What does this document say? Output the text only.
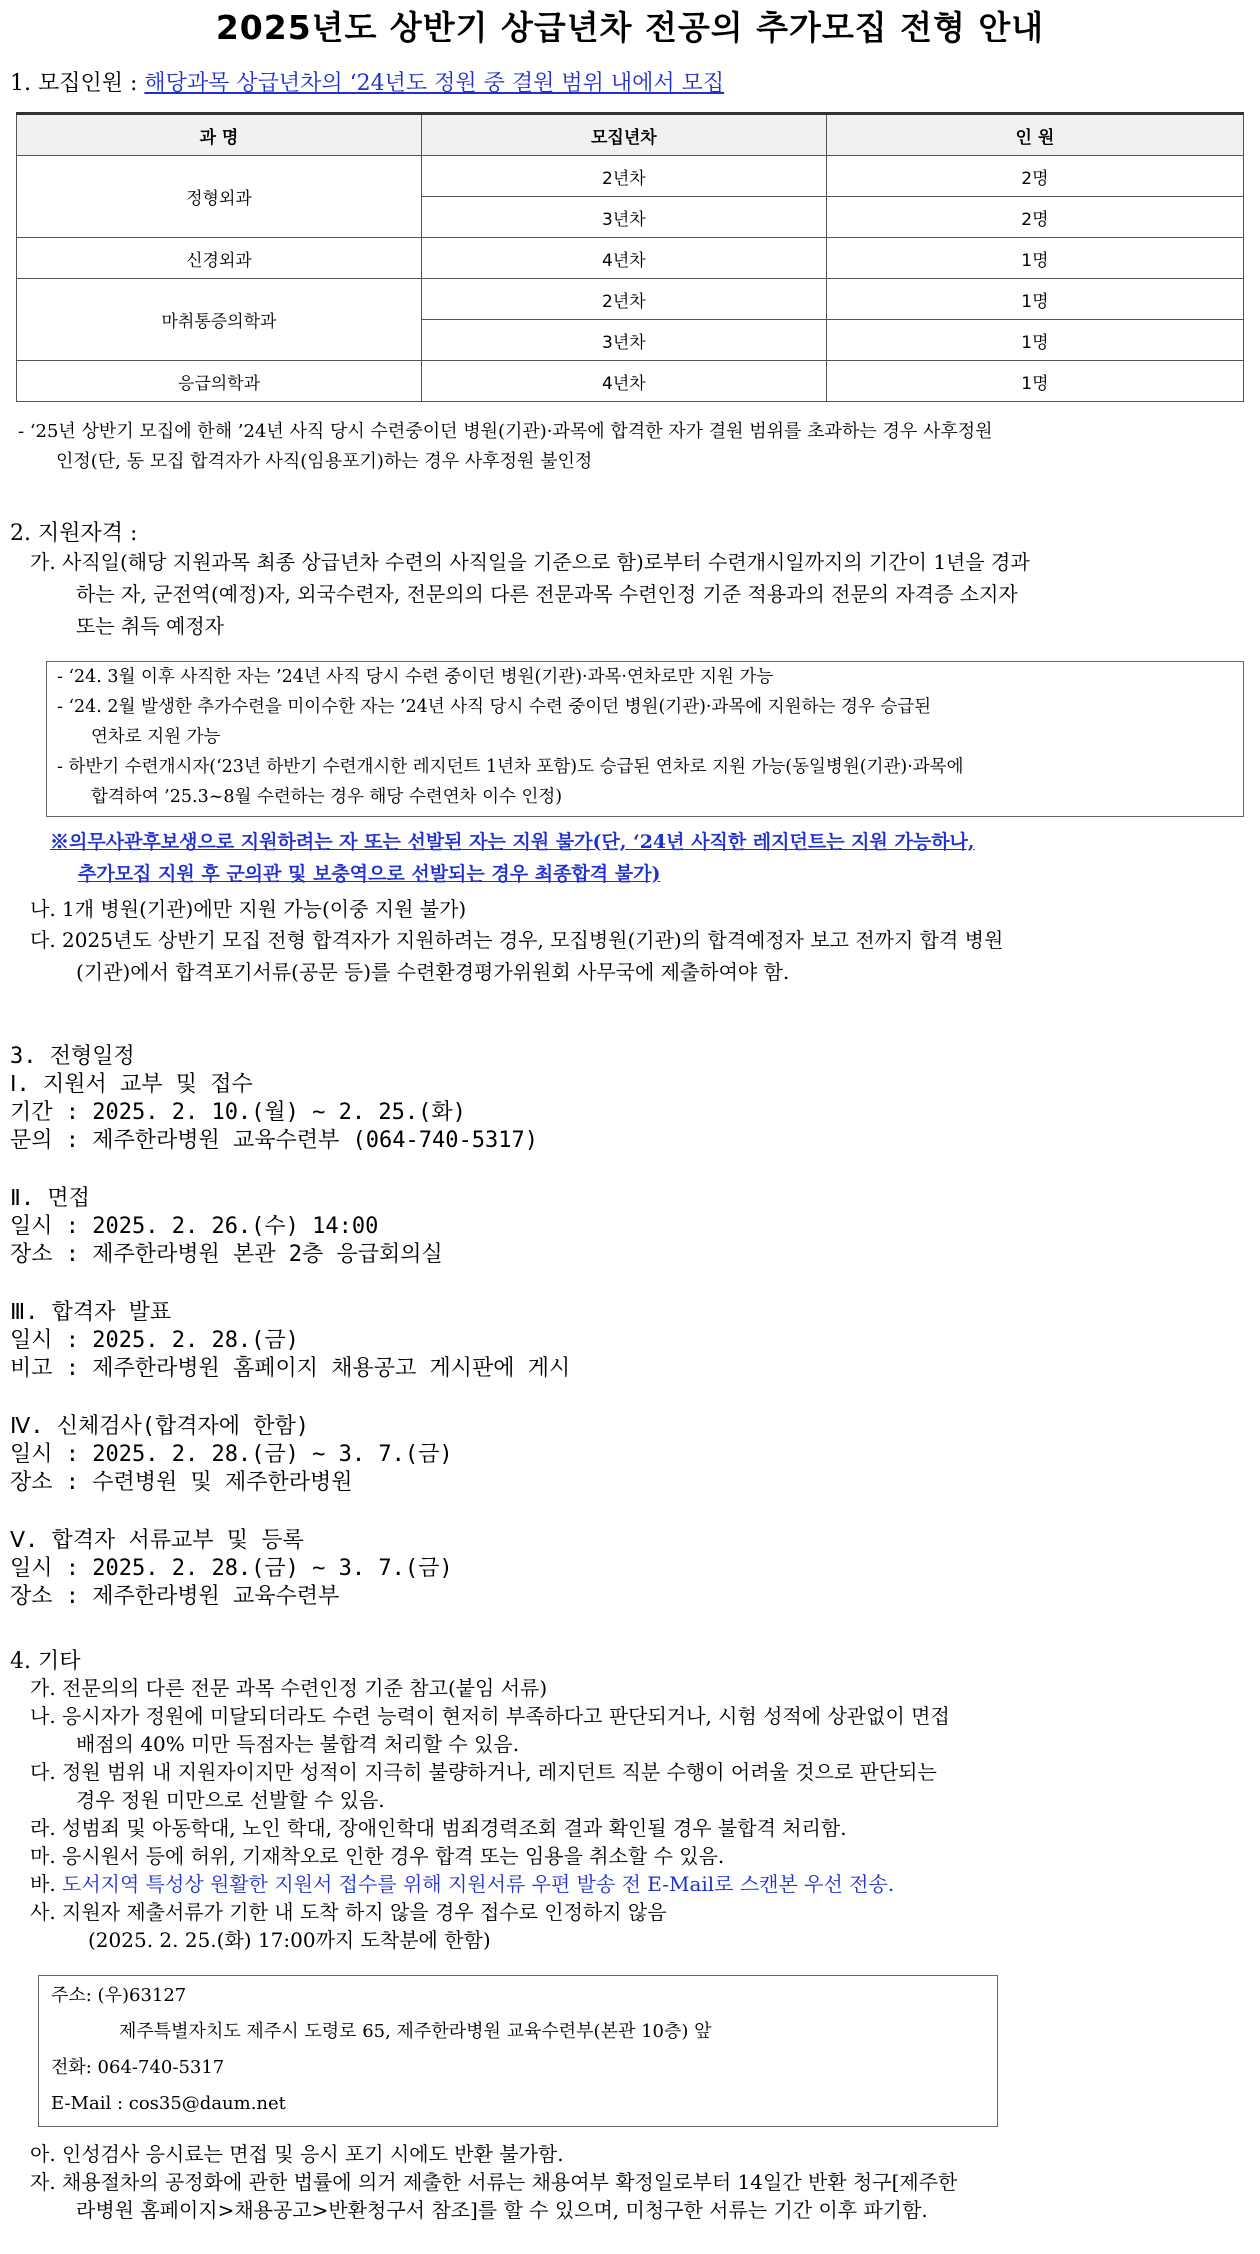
2025년도 상반기 상급년차 전공의 추가모집 전형 안내
1. 모집인원 : 해당과목 상급년차의 ‘24년도 정원 중 결원 범위 내에서 모집
과 명	모집년차	인 원
정형외과	2년차	2명
	3년차	2명
신경외과	4년차	1명
마취통증의학과	2년차	1명
	3년차	1명
응급의학과	4년차	1명
- ‘25년 상반기 모집에 한해 ’24년 사직 당시 수련중이던 병원(기관)·과목에 합격한 자가 결원 범위를 초과하는 경우 사후정원
인정(단, 동 모집 합격자가 사직(임용포기)하는 경우 사후정원 불인정
2. 지원자격 :
가. 사직일(해당 지원과목 최종 상급년차 수련의 사직일을 기준으로 함)로부터 수련개시일까지의 기간이 1년을 경과
하는 자, 군전역(예정)자, 외국수련자, 전문의의 다른 전문과목 수련인정 기준 적용과의 전문의 자격증 소지자
또는 취득 예정자
- ‘24. 3월 이후 사직한 자는 ’24년 사직 당시 수련 중이던 병원(기관)·과목·연차로만 지원 가능
- ‘24. 2월 발생한 추가수련을 미이수한 자는 ’24년 사직 당시 수련 중이던 병원(기관)·과목에 지원하는 경우 승급된
연차로 지원 가능
- 하반기 수련개시자(‘23년 하반기 수련개시한 레지던트 1년차 포함)도 승급된 연차로 지원 가능(동일병원(기관)·과목에
합격하여 ’25.3~8월 수련하는 경우 해당 수련연차 이수 인정)
※의무사관후보생으로 지원하려는 자 또는 선발된 자는 지원 불가(단, ‘24년 사직한 레지던트는 지원 가능하나,
추가모집 지원 후 군의관 및 보충역으로 선발되는 경우 최종합격 불가)
나. 1개 병원(기관)에만 지원 가능(이중 지원 불가)
다. 2025년도 상반기 모집 전형 합격자가 지원하려는 경우, 모집병원(기관)의 합격예정자 보고 전까지 합격 병원
(기관)에서 합격포기서류(공문 등)를 수련환경평가위원회 사무국에 제출하여야 함.
3. 전형일정
Ⅰ. 지원서 교부 및 접수
기간 : 2025. 2. 10.(월) ~ 2. 25.(화)
문의 : 제주한라병원 교육수련부 (064-740-5317)
Ⅱ. 면접
일시 : 2025. 2. 26.(수) 14:00
장소 : 제주한라병원 본관 2층 응급회의실
Ⅲ. 합격자 발표
일시 : 2025. 2. 28.(금)
비고 : 제주한라병원 홈페이지 채용공고 게시판에 게시
Ⅳ. 신체검사(합격자에 한함)
일시 : 2025. 2. 28.(금) ~ 3. 7.(금)
장소 : 수련병원 및 제주한라병원
Ⅴ. 합격자 서류교부 및 등록
일시 : 2025. 2. 28.(금) ~ 3. 7.(금)
장소 : 제주한라병원 교육수련부
4. 기타
가. 전문의의 다른 전문 과목 수련인정 기준 참고(붙임 서류)
나. 응시자가 정원에 미달되더라도 수련 능력이 현저히 부족하다고 판단되거나, 시험 성적에 상관없이 면접
배점의 40% 미만 득점자는 불합격 처리할 수 있음.
다. 정원 범위 내 지원자이지만 성적이 지극히 불량하거나, 레지던트 직분 수행이 어려울 것으로 판단되는
경우 정원 미만으로 선발할 수 있음.
라. 성범죄 및 아동학대, 노인 학대, 장애인학대 범죄경력조회 결과 확인될 경우 불합격 처리함.
마. 응시원서 등에 허위, 기재착오로 인한 경우 합격 또는 임용을 취소할 수 있음.
바. 도서지역 특성상 원활한 지원서 접수를 위해 지원서류 우편 발송 전 E-Mail로 스캔본 우선 전송.
사. 지원자 제출서류가 기한 내 도착 하지 않을 경우 접수로 인정하지 않음
(2025. 2. 25.(화) 17:00까지 도착분에 한함)
주소: (우)63127
제주특별자치도 제주시 도령로 65, 제주한라병원 교육수련부(본관 10층) 앞
전화: 064-740-5317
E-Mail : cos35@daum.net
아. 인성검사 응시료는 면접 및 응시 포기 시에도 반환 불가함.
자. 채용절차의 공정화에 관한 법률에 의거 제출한 서류는 채용여부 확정일로부터 14일간 반환 청구[제주한
라병원 홈페이지>채용공고>반환청구서 참조]를 할 수 있으며, 미청구한 서류는 기간 이후 파기함.
